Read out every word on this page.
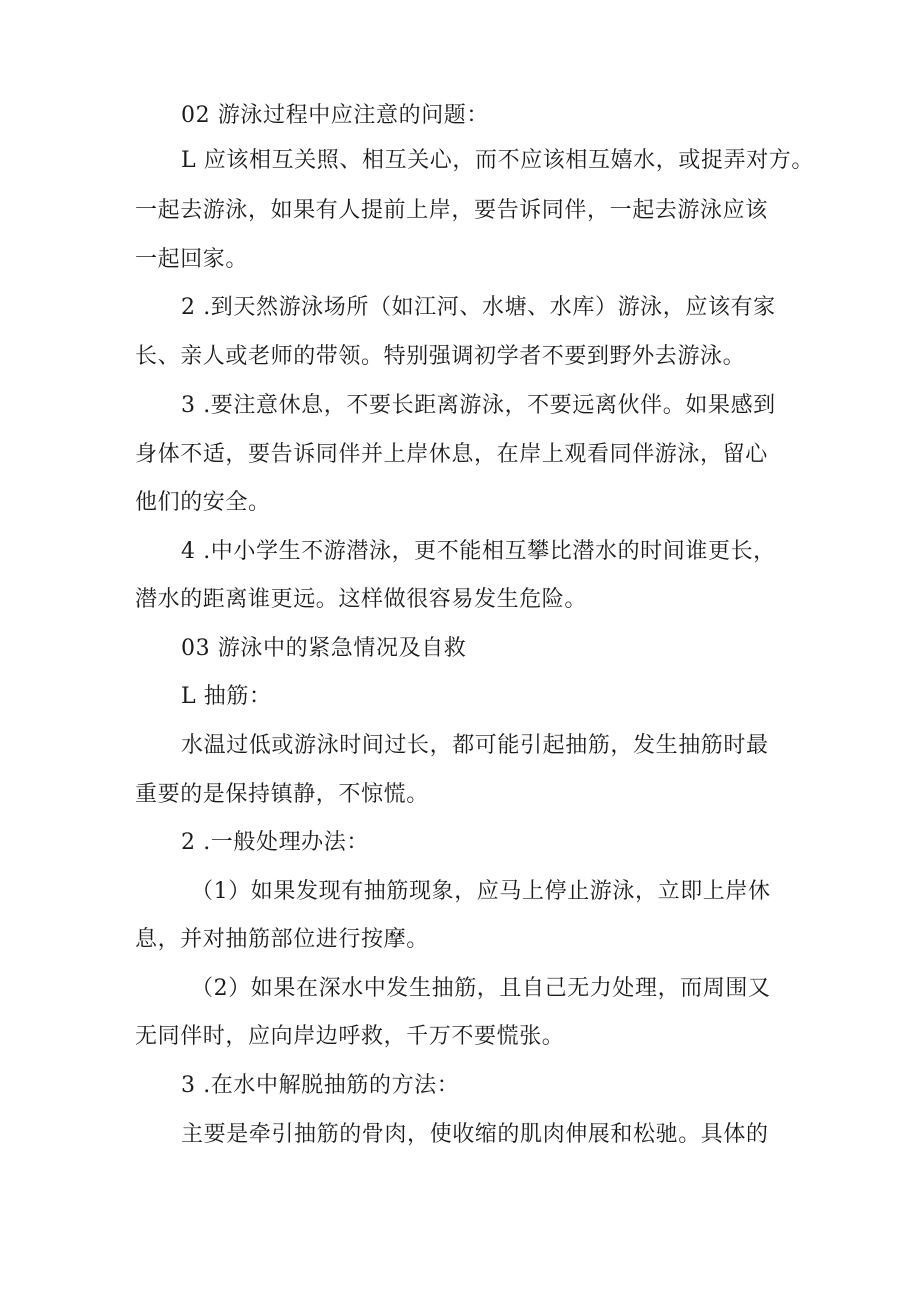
02 游泳过程中应注意的问题：
L 应该相互关照、相互关心，而不应该相互嬉水，或捉弄对方。
一起去游泳，如果有人提前上岸，要告诉同伴，一起去游泳应该
一起回家。
2 .到天然游泳场所（如江河、水塘、水库）游泳，应该有家
长、亲人或老师的带领。特别强调初学者不要到野外去游泳。
3 .要注意休息，不要长距离游泳，不要远离伙伴。如果感到
身体不适，要告诉同伴并上岸休息，在岸上观看同伴游泳，留心
他们的安全。
4 .中小学生不游潜泳，更不能相互攀比潜水的时间谁更长，
潜水的距离谁更远。这样做很容易发生危险。
03 游泳中的紧急情况及自救
L 抽筋：
水温过低或游泳时间过长，都可能引起抽筋，发生抽筋时最
重要的是保持镇静，不惊慌。
2 .一般处理办法：
（1）如果发现有抽筋现象，应马上停止游泳，立即上岸休
息，并对抽筋部位进行按摩。
（2）如果在深水中发生抽筋，且自己无力处理，而周围又
无同伴时，应向岸边呼救，千万不要慌张。
3 .在水中解脱抽筋的方法：
主要是牵引抽筋的骨肉，使收缩的肌肉伸展和松驰。具体的
